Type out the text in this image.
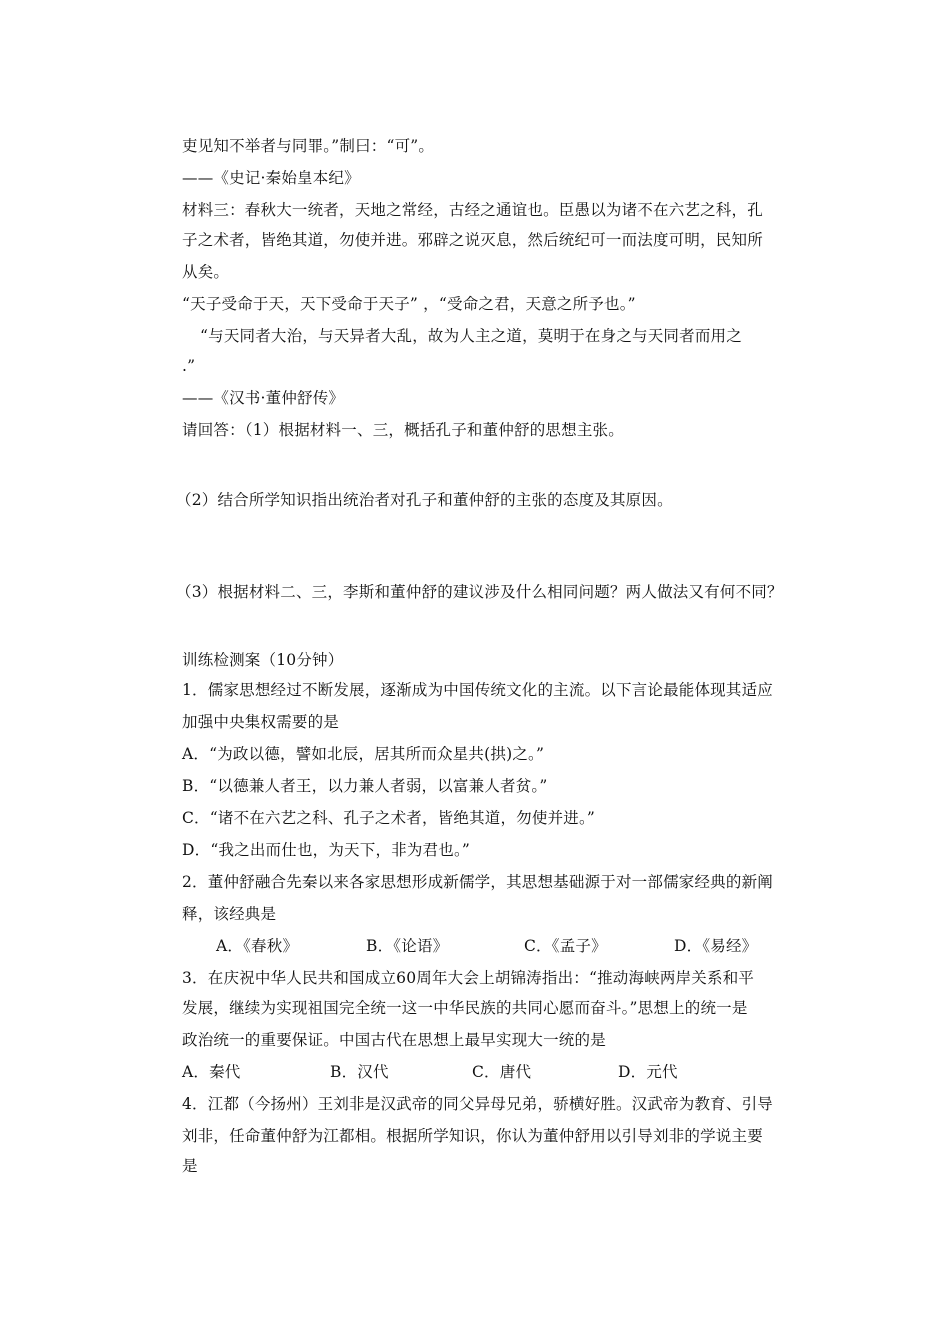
吏见知不举者与同罪。”制曰：“可”。
——《史记·秦始皇本纪》
材料三：春秋大一统者，天地之常经，古经之通谊也。臣愚以为诸不在六艺之科，孔
子之术者，皆绝其道，勿使并进。邪辟之说灭息，然后统纪可一而法度可明，民知所
从矣。
“天子受命于天，天下受命于天子” ，“受命之君，天意之所予也。”
“与天同者大治，与天异者大乱，故为人主之道，莫明于在身之与天同者而用之
.”
——《汉书·董仲舒传》
请回答：（1）根据材料一、三，概括孔子和董仲舒的思想主张。
（2）结合所学知识指出统治者对孔子和董仲舒的主张的态度及其原因。
（3）根据材料二、三，李斯和董仲舒的建议涉及什么相同问题？两人做法又有何不同？
训练检测案（10分钟）
1．儒家思想经过不断发展，逐渐成为中国传统文化的主流。以下言论最能体现其适应
加强中央集权需要的是
A．“为政以德，譬如北辰，居其所而众星共(拱)之。”
B．“以德兼人者王，以力兼人者弱，以富兼人者贫。”
C．“诸不在六艺之科、孔子之术者，皆绝其道，勿使并进。”
D．“我之出而仕也，为天下，非为君也。”
2．董仲舒融合先秦以来各家思想形成新儒学，其思想基础源于对一部儒家经典的新阐
释，该经典是
A．《春秋》	B．《论语》	C．《孟子》	D．《易经》
3．在庆祝中华人民共和国成立60周年大会上胡锦涛指出：“推动海峡两岸关系和平
发展，继续为实现祖国完全统一这一中华民族的共同心愿而奋斗。”思想上的统一是
政治统一的重要保证。中国古代在思想上最早实现大一统的是
A．秦代	B．汉代	C．唐代	D．元代
4．江都（今扬州）王刘非是汉武帝的同父异母兄弟，骄横好胜。汉武帝为教育、引导
刘非，任命董仲舒为江都相。根据所学知识，你认为董仲舒用以引导刘非的学说主要
是
